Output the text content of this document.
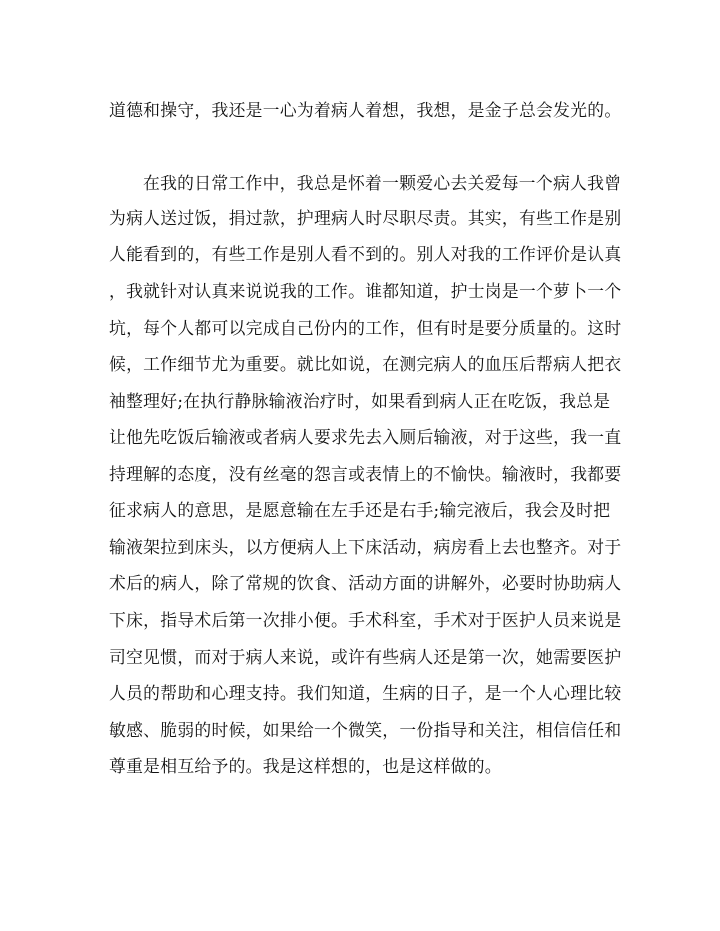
道德和操守，我还是一心为着病人着想，我想，是金子总会发光的。
在我的日常工作中，我总是怀着一颗爱心去关爱每一个病人我曾
为病人送过饭，捐过款，护理病人时尽职尽责。其实，有些工作是别
人能看到的，有些工作是别人看不到的。别人对我的工作评价是认真
，我就针对认真来说说我的工作。谁都知道，护士岗是一个萝卜一个
坑，每个人都可以完成自己份内的工作，但有时是要分质量的。这时
候，工作细节尤为重要。就比如说，在测完病人的血压后帮病人把衣
袖整理好;在执行静脉输液治疗时，如果看到病人正在吃饭，我总是
让他先吃饭后输液或者病人要求先去入厕后输液，对于这些，我一直
持理解的态度，没有丝毫的怨言或表情上的不愉快。输液时，我都要
征求病人的意思，是愿意输在左手还是右手;输完液后，我会及时把
输液架拉到床头，以方便病人上下床活动，病房看上去也整齐。对于
术后的病人，除了常规的饮食、活动方面的讲解外，必要时协助病人
下床，指导术后第一次排小便。手术科室，手术对于医护人员来说是
司空见惯，而对于病人来说，或许有些病人还是第一次，她需要医护
人员的帮助和心理支持。我们知道，生病的日子，是一个人心理比较
敏感、脆弱的时候，如果给一个微笑，一份指导和关注，相信信任和
尊重是相互给予的。我是这样想的，也是这样做的。
